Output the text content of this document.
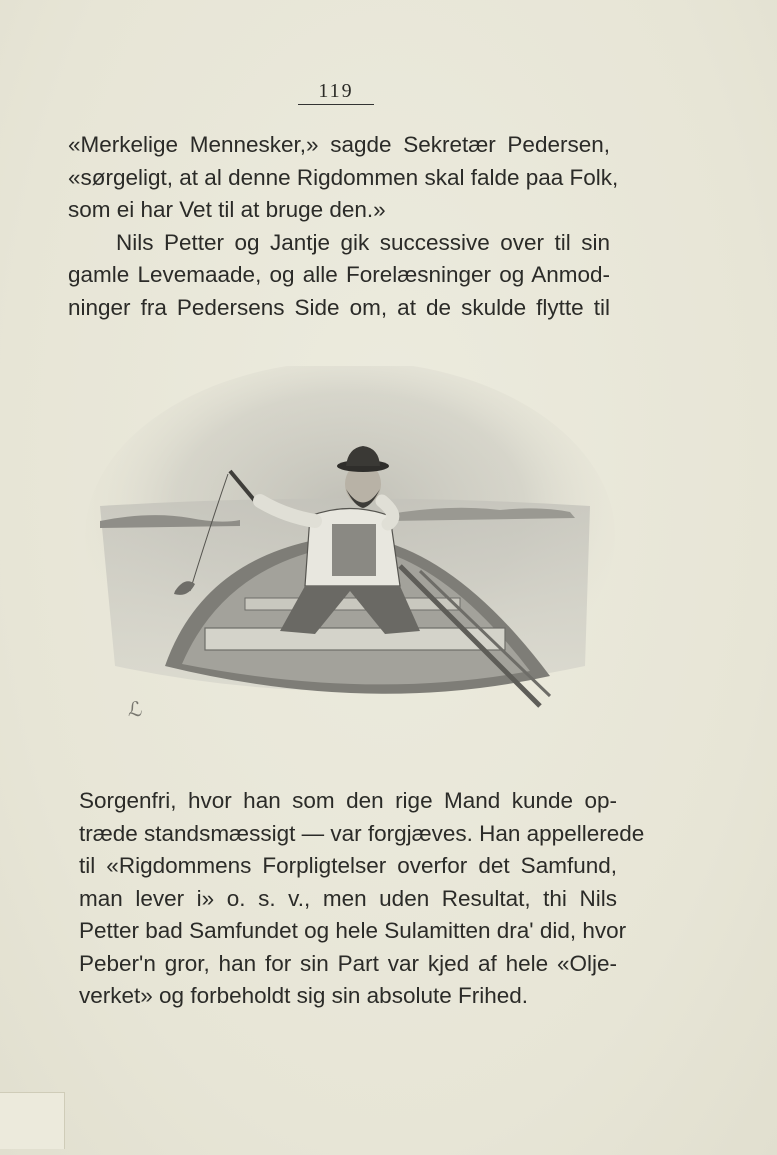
119
«Merkelige Mennesker,» sagde Sekretær Pedersen,
«sørgeligt, at al denne Rigdommen skal falde paa Folk,
som ei har Vet til at bruge den.»
Nils Petter og Jantje gik successive over til sin
gamle Levemaade, og alle Forelæsninger og Anmod-
ninger fra Pedersens Side om, at de skulde flytte til
ℒ
Sorgenfri, hvor han som den rige Mand kunde op-
træde standsmæssigt — var forgjæves. Han appellerede
til «Rigdommens Forpligtelser overfor det Samfund,
man lever i» o. s. v., men uden Resultat, thi Nils
Petter bad Samfundet og hele Sulamitten dra' did, hvor
Peber'n gror, han for sin Part var kjed af hele «Olje-
verket» og forbeholdt sig sin absolute Frihed.
